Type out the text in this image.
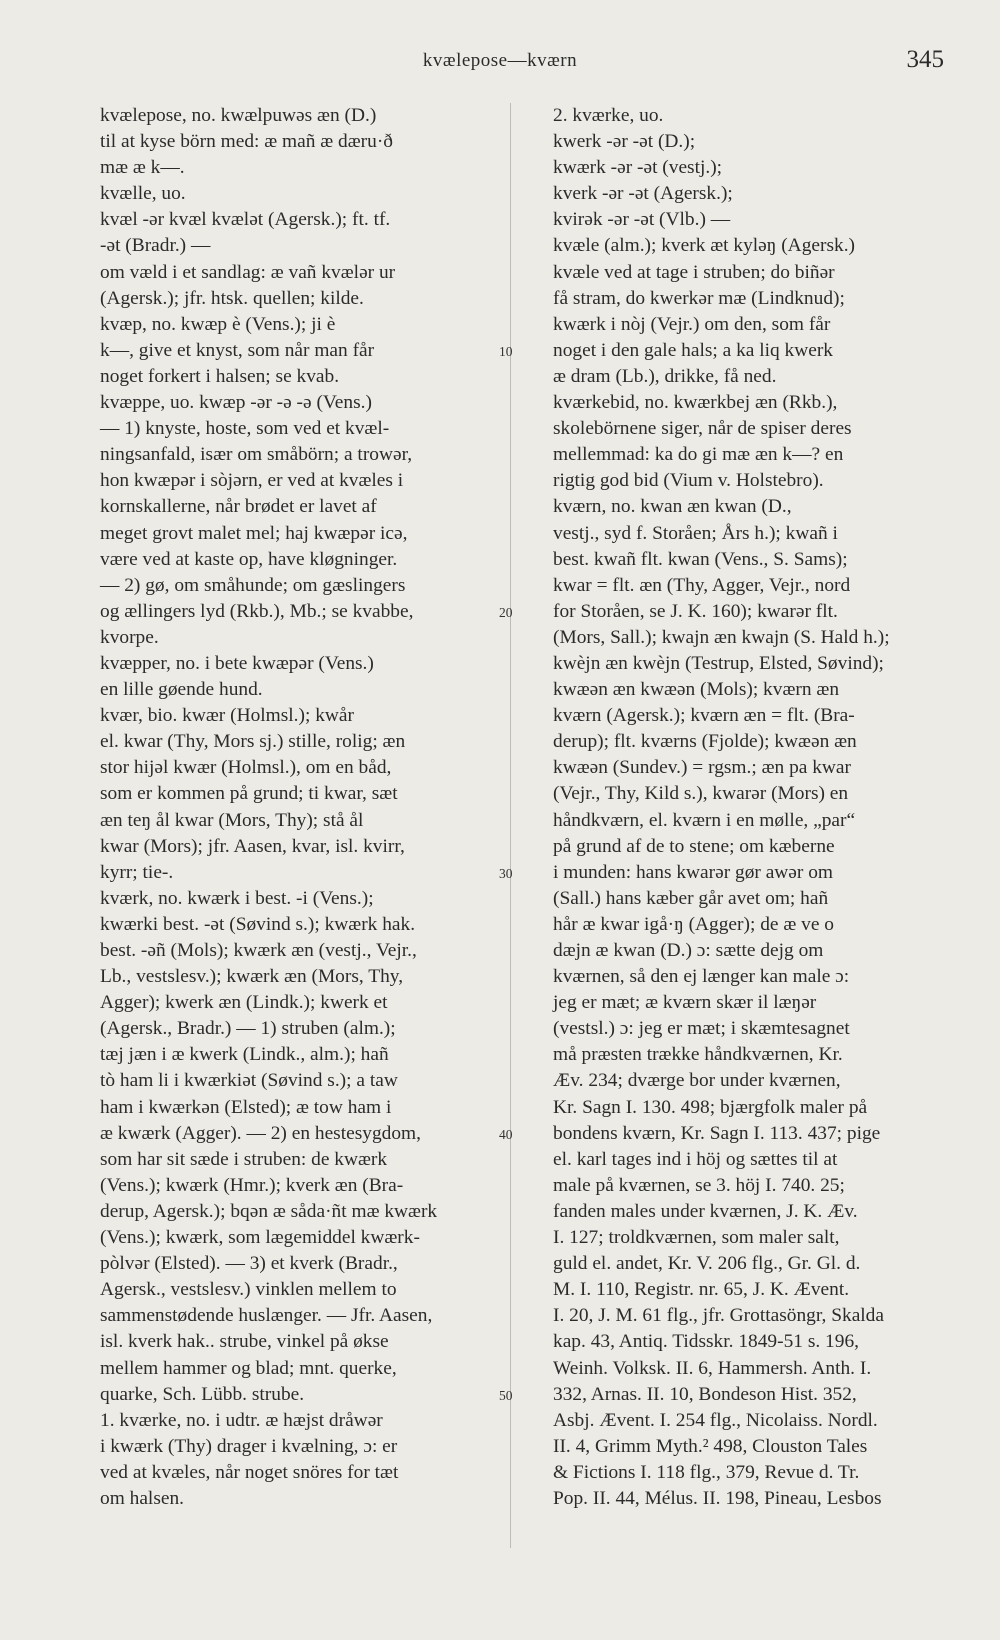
kvælepose—kværn	345
kvælepose, no. kwælpuwəs æn (D.)
til at kyse börn med: æ mañ æ dæru·ð
mæ æ k—.
kvælle, uo.
kvæl -ər kvæl kvælət (Agersk.); ft. tf.
-ət (Bradr.) —
om væld i et sandlag: æ vañ kvælər ur
(Agersk.); jfr. htsk. quellen; kilde.
kvæp, no. kwæp è (Vens.); ji è
k—, give et knyst, som når man får
noget forkert i halsen; se kvab.
kvæppe, uo. kwæp -ər -ə -ə (Vens.)
— 1) knyste, hoste, som ved et kvæl-
ningsanfald, især om småbörn; a trowər,
hon kwæpər i sòjərn, er ved at kvæles i
kornskallerne, når brødet er lavet af
meget grovt malet mel; haj kwæpər icə,
være ved at kaste op, have kløgninger.
— 2) gø, om småhunde; om gæslingers
og ællingers lyd (Rkb.), Mb.; se kvabbe,
kvorpe.
kvæpper, no. i bete kwæpər (Vens.)
en lille gøende hund.
kvær, bio. kwær (Holmsl.); kwår
el. kwar (Thy, Mors sj.) stille, rolig; æn
stor hijəl kwær (Holmsl.), om en båd,
som er kommen på grund; ti kwar, sæt
æn teŋ ål kwar (Mors, Thy); stå ål
kwar (Mors); jfr. Aasen, kvar, isl. kvirr,
kyrr; tie-.
kværk, no. kwærk i best. -i (Vens.);
kwærki best. -ət (Søvind s.); kwærk hak.
best. -əñ (Mols); kwærk æn (vestj., Vejr.,
Lb., vestslesv.); kwærk æn (Mors, Thy,
Agger); kwerk æn (Lindk.); kwerk et
(Agersk., Bradr.) — 1) struben (alm.);
tæj jæn i æ kwerk (Lindk., alm.); hañ
tò ham li i kwærkiət (Søvind s.); a taw
ham i kwærkən (Elsted); æ tow ham i
æ kwærk (Agger). — 2) en hestesygdom,
som har sit sæde i struben: de kwærk
(Vens.); kwærk (Hmr.); kverk æn (Bra-
derup, Agersk.); bqən æ såda·ñt mæ kwærk
(Vens.); kwærk, som lægemiddel kwærk-
pòlvər (Elsted). — 3) et kverk (Bradr.,
Agersk., vestslesv.) vinklen mellem to
sammenstødende huslænger. — Jfr. Aasen,
isl. kverk hak.. strube, vinkel på økse
mellem hammer og blad; mnt. querke,
quarke, Sch. Lübb. strube.
1. kværke, no. i udtr. æ hæjst dråwər
i kwærk (Thy) drager i kvælning, ɔ: er
ved at kvæles, når noget snöres for tæt
om halsen.
2. kværke, uo.
kwerk -ər -ət (D.);
kwærk -ər -ət (vestj.);
kverk -ər -ət (Agersk.);
kvirək -ər -ət (Vlb.) —
kvæle (alm.); kverk æt kyləŋ (Agersk.)
kvæle ved at tage i struben; do biñər
få stram, do kwerkər mæ (Lindknud);
kwærk i nòj (Vejr.) om den, som får
noget i den gale hals; a ka liq kwerk
æ dram (Lb.), drikke, få ned.
kværkebid, no. kwærkbej æn (Rkb.),
skolebörnene siger, når de spiser deres
mellemmad: ka do gi mæ æn k—? en
rigtig god bid (Vium v. Holstebro).
kværn, no. kwan æn kwan (D.,
vestj., syd f. Storåen; Års h.); kwañ i
best. kwañ flt. kwan (Vens., S. Sams);
kwar = flt. æn (Thy, Agger, Vejr., nord
for Storåen, se J. K. 160); kwarər flt.
(Mors, Sall.); kwajn æn kwajn (S. Hald h.);
kwèjn æn kwèjn (Testrup, Elsted, Søvind);
kwæən æn kwæən (Mols); kværn æn
kværn (Agersk.); kværn æn = flt. (Bra-
derup); flt. kværns (Fjolde); kwæən æn
kwæən (Sundev.) = rgsm.; æn pa kwar
(Vejr., Thy, Kild s.), kwarər (Mors) en
håndkværn, el. kværn i en mølle, „par“
på grund af de to stene; om kæberne
i munden: hans kwarər gør awər om
(Sall.) hans kæber går avet om; hañ
hår æ kwar igå·ŋ (Agger); de æ ve o
dæjn æ kwan (D.) ɔ: sætte dejg om
kværnen, så den ej længer kan male ɔ:
jeg er mæt; æ kværn skær il læŋər
(vestsl.) ɔ: jeg er mæt; i skæmtesagnet
må præsten trække håndkværnen, Kr.
Æv. 234; dværge bor under kværnen,
Kr. Sagn I. 130. 498; bjærgfolk maler på
bondens kværn, Kr. Sagn I. 113. 437; pige
el. karl tages ind i höj og sættes til at
male på kværnen, se 3. höj I. 740. 25;
fanden males under kværnen, J. K. Æv.
I. 127; troldkværnen, som maler salt,
guld el. andet, Kr. V. 206 flg., Gr. Gl. d.
M. I. 110, Registr. nr. 65, J. K. Ævent.
I. 20, J. M. 61 flg., jfr. Grottasöngr, Skalda
kap. 43, Antiq. Tidsskr. 1849-51 s. 196,
Weinh. Volksk. II. 6, Hammersh. Anth. I.
332, Arnas. II. 10, Bondeson Hist. 352,
Asbj. Ævent. I. 254 flg., Nicolaiss. Nordl.
II. 4, Grimm Myth.² 498, Clouston Tales
& Fictions I. 118 flg., 379, Revue d. Tr.
Pop. II. 44, Mélus. II. 198, Pineau, Lesbos
10
20
30
40
50
